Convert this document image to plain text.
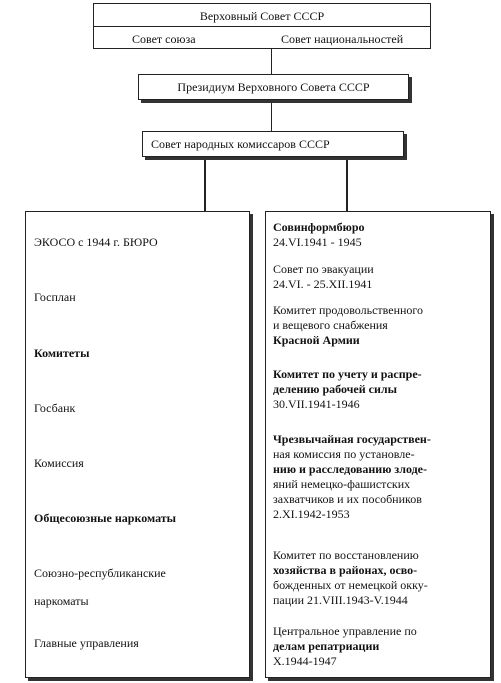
Верховный Совет СССР
Совет союза	Совет национальностей
Президиум Верховного Совета СССР
Совет народных комиссаров СССР
ЭКОСО с 1944 г. БЮРО
Госплан
Комитеты
Госбанк
Комиссия
Общесоюзные наркоматы
Союзно-республиканские
наркоматы
Главные управления
Совинформбюро
24.VI.1941 - 1945
Совет по эвакуации
24.VI. - 25.XII.1941
Комитет продовольственного
и вещевого снабжения
Красной Армии
Комитет по учету и распре-
делению рабочей силы
30.VII.1941-1946
Чрезвычайная государствен-
ная комиссия по установле-
нию и расследованию злоде-
яний немецко-фашистских
захватчиков и их пособников
2.XI.1942-1953
Комитет по восстановлению
хозяйства в районах, осво-
божденных от немецкой окку-
пации 21.VIII.1943-V.1944
Центральное управление по
делам репатриации
X.1944-1947
